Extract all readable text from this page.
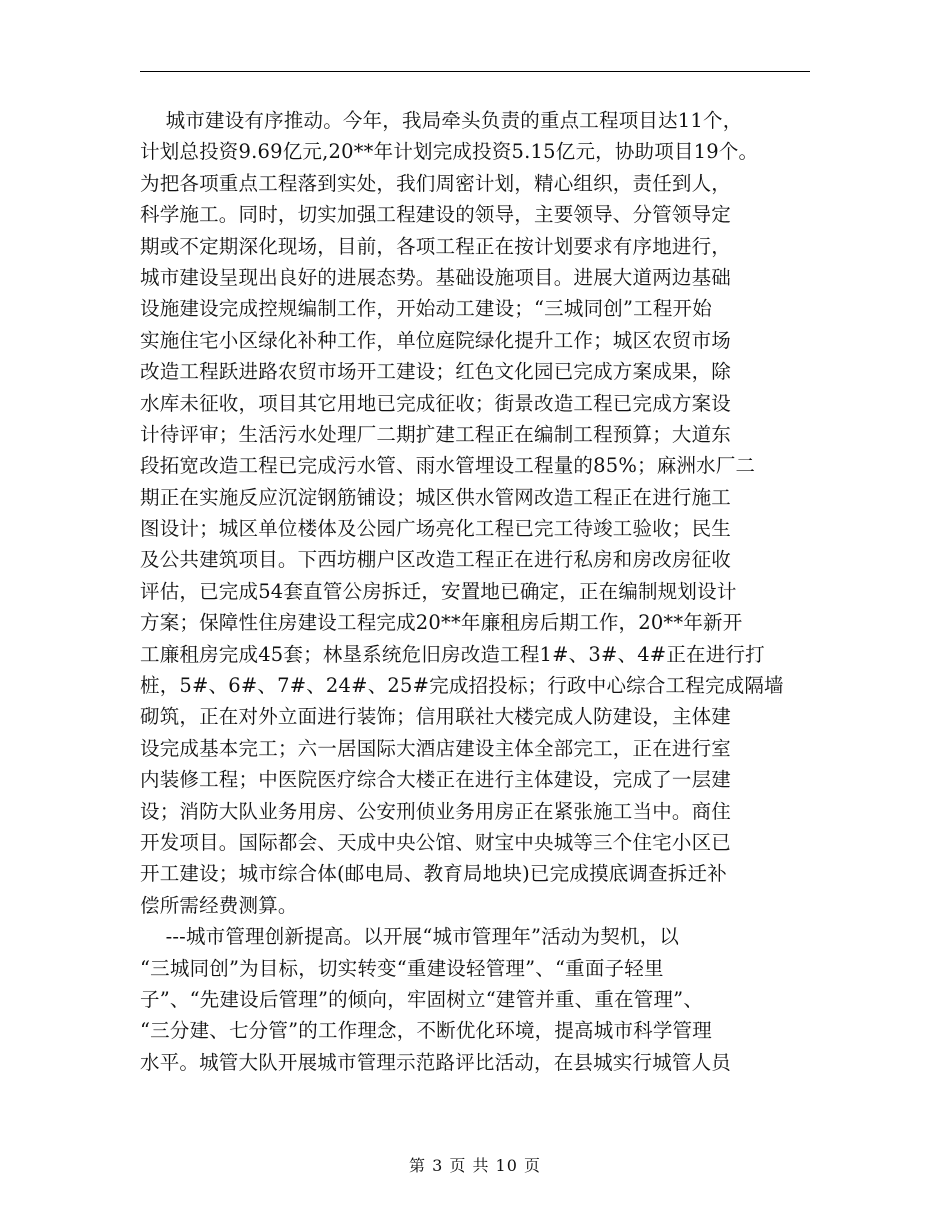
城市建设有序推动。今年，我局牵头负责的重点工程项目达11个，
计划总投资9.69亿元,20**年计划完成投资5.15亿元，协助项目19个。
为把各项重点工程落到实处，我们周密计划，精心组织，责任到人，
科学施工。同时，切实加强工程建设的领导，主要领导、分管领导定
期或不定期深化现场，目前，各项工程正在按计划要求有序地进行，
城市建设呈现出良好的进展态势。基础设施项目。进展大道两边基础
设施建设完成控规编制工作，开始动工建设；“三城同创”工程开始
实施住宅小区绿化补种工作，单位庭院绿化提升工作；城区农贸市场
改造工程跃进路农贸市场开工建设；红色文化园已完成方案成果，除
水库未征收，项目其它用地已完成征收；街景改造工程已完成方案设
计待评审；生活污水处理厂二期扩建工程正在编制工程预算；大道东
段拓宽改造工程已完成污水管、雨水管埋设工程量的85%；麻洲水厂二
期正在实施反应沉淀钢筋铺设；城区供水管网改造工程正在进行施工
图设计；城区单位楼体及公园广场亮化工程已完工待竣工验收；民生
及公共建筑项目。下西坊棚户区改造工程正在进行私房和房改房征收
评估，已完成54套直管公房拆迁，安置地已确定，正在编制规划设计
方案；保障性住房建设工程完成20**年廉租房后期工作，20**年新开
工廉租房完成45套；林垦系统危旧房改造工程1#、3#、4#正在进行打
桩，5#、6#、7#、24#、25#完成招投标；行政中心综合工程完成隔墙
砌筑，正在对外立面进行装饰；信用联社大楼完成人防建设，主体建
设完成基本完工；六一居国际大酒店建设主体全部完工，正在进行室
内装修工程；中医院医疗综合大楼正在进行主体建设，完成了一层建
设；消防大队业务用房、公安刑侦业务用房正在紧张施工当中。商住
开发项目。国际都会、天成中央公馆、财宝中央城等三个住宅小区已
开工建设；城市综合体(邮电局、教育局地块)已完成摸底调查拆迁补
偿所需经费测算。
---城市管理创新提高。以开展“城市管理年”活动为契机，以
“三城同创”为目标，切实转变“重建设轻管理”、“重面子轻里
子”、“先建设后管理”的倾向，牢固树立“建管并重、重在管理”、
“三分建、七分管”的工作理念，不断优化环境，提高城市科学管理
水平。城管大队开展城市管理示范路评比活动，在县城实行城管人员
第 3 页 共 10 页
